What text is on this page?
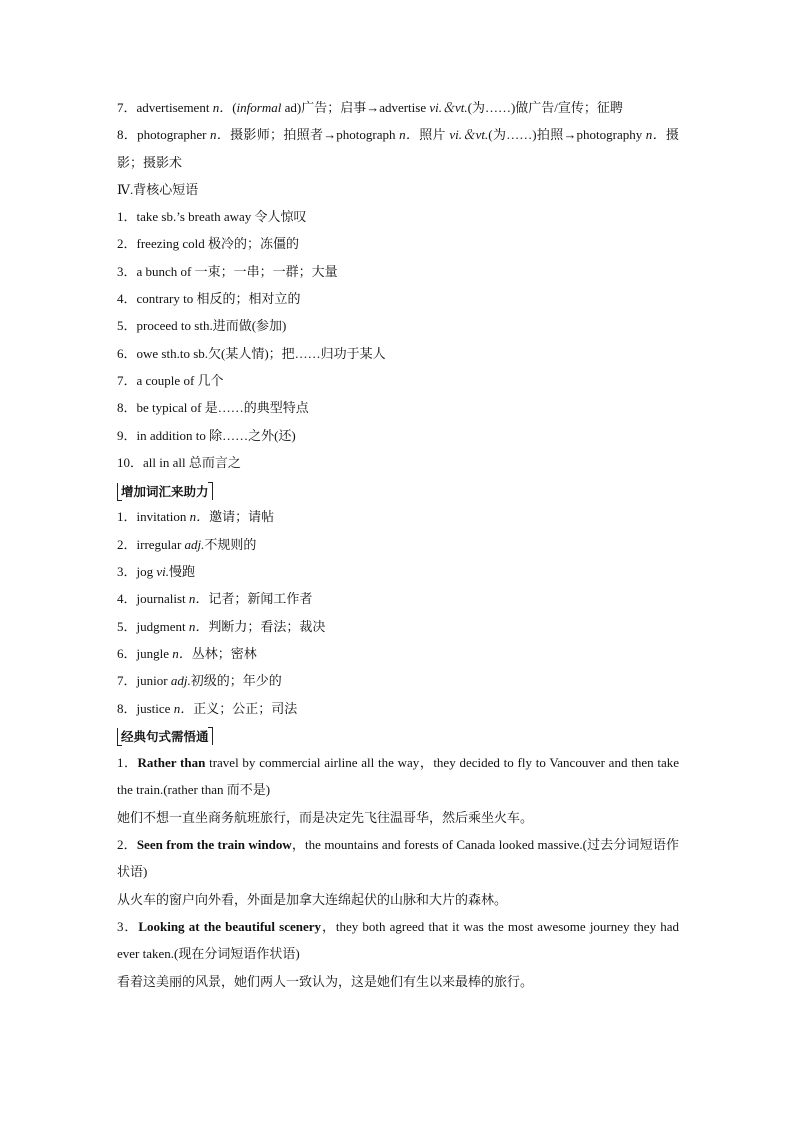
7．advertisement n．(informal ad)广告；启事→advertise vi.＆vt.(为……)做广告/宣传；征聘
8．photographer n．摄影师；拍照者→photograph n．照片 vi.＆vt.(为……)拍照→photography n．摄影；摄影术
Ⅳ.背核心短语
1．take sb.’s breath away 令人惊叹
2．freezing cold 极冷的；冻僵的
3．a bunch of 一束；一串；一群；大量
4．contrary to 相反的；相对立的
5．proceed to sth.进而做(参加)
6．owe sth.to sb.欠(某人情)；把……归功于某人
7．a couple of 几个
8．be typical of 是……的典型特点
9．in addition to 除……之外(还)
10．all in all 总而言之
增加词汇来助力
1．invitation n．邀请；请帖
2．irregular adj.不规则的
3．jog vi.慢跑
4．journalist n．记者；新闻工作者
5．judgment n．判断力；看法；裁决
6．jungle n．丛林；密林
7．junior adj.初级的；年少的
8．justice n．正义；公正；司法
经典句式需悟通
1．Rather than travel by commercial airline all the way，they decided to fly to Vancouver and then take the train.(rather than 而不是)
她们不想一直坐商务航班旅行，而是决定先飞往温哥华，然后乘坐火车。
2．Seen from the train window，the mountains and forests of Canada looked massive.(过去分词短语作状语)
从火车的窗户向外看，外面是加拿大连绵起伏的山脉和大片的森林。
3．Looking at the beautiful scenery，they both agreed that it was the most awesome journey they had ever taken.(现在分词短语作状语)
看着这美丽的风景，她们两人一致认为，这是她们有生以来最棒的旅行。
